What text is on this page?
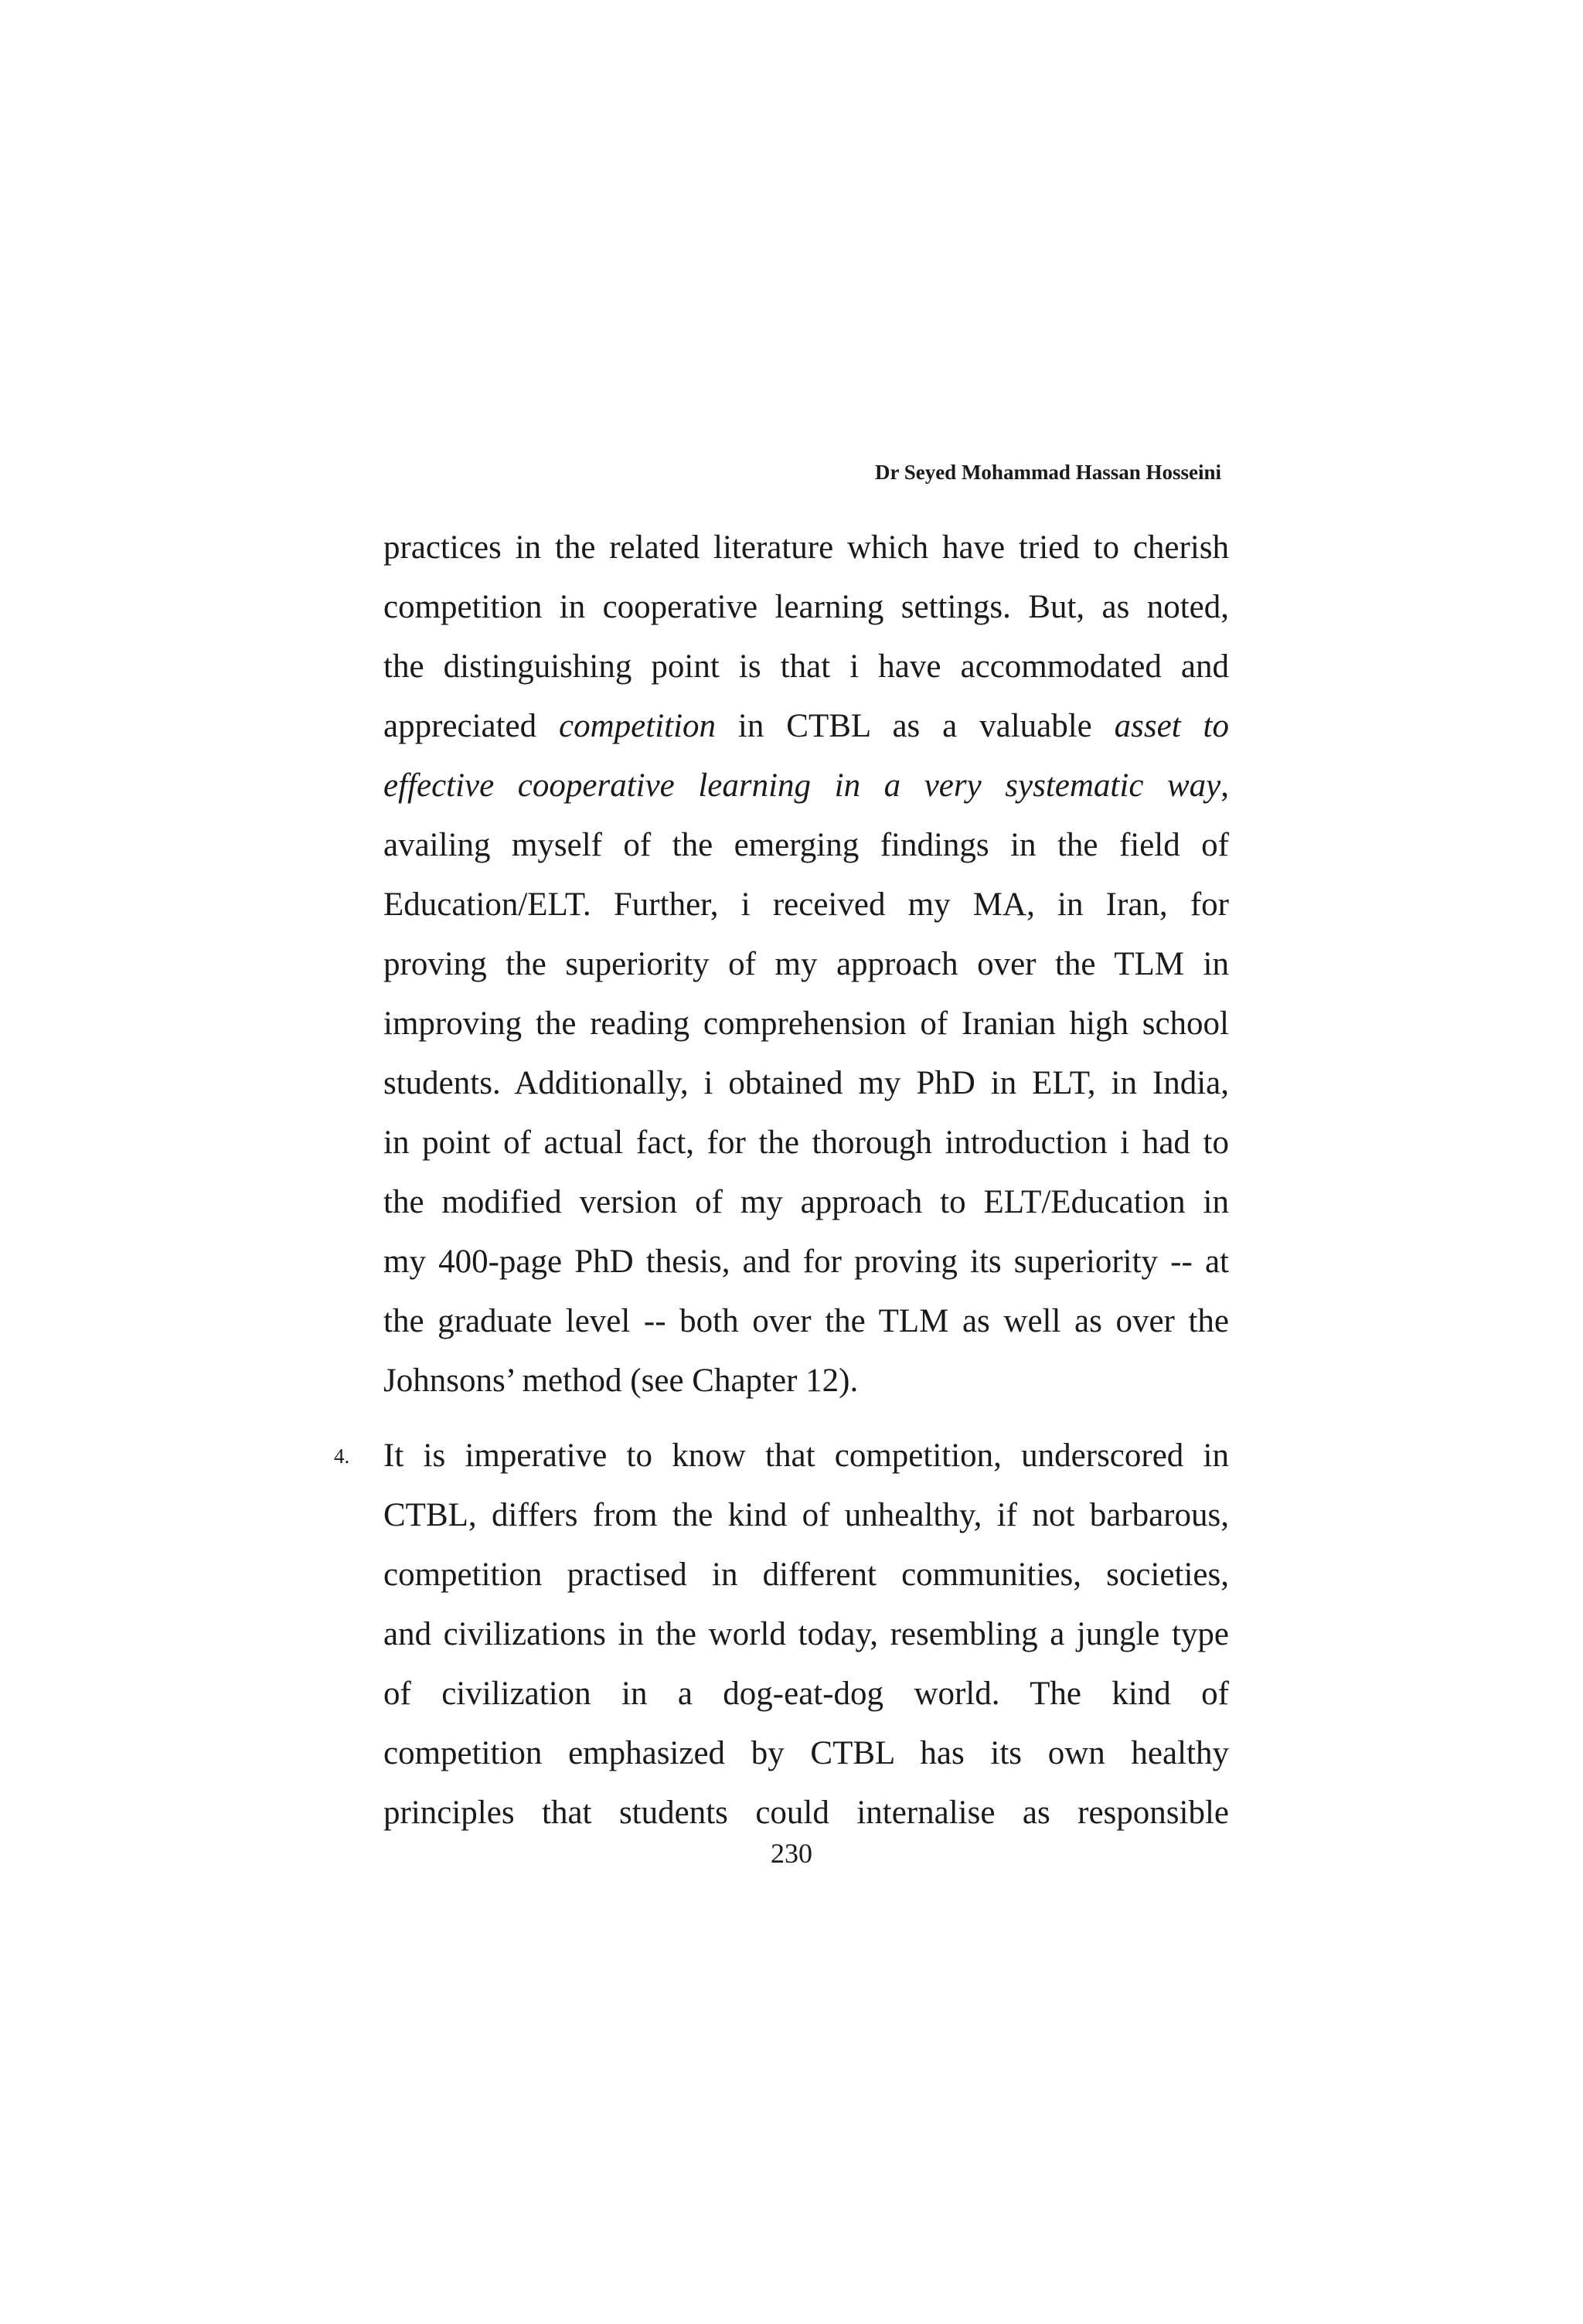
Dr Seyed Mohammad Hassan Hosseini
practices in the related literature which have tried to cherish
competition in cooperative learning settings. But, as noted,
the distinguishing point is that i have accommodated and
appreciated competition in CTBL as a valuable asset to
effective cooperative learning in a very systematic way,
availing myself of the emerging findings in the field of
Education/ELT. Further, i received my MA, in Iran, for
proving the superiority of my approach over the TLM in
improving the reading comprehension of Iranian high school
students. Additionally, i obtained my PhD in ELT, in India,
in point of actual fact, for the thorough introduction i had to
the modified version of my approach to ELT/Education in
my 400-page PhD thesis, and for proving its superiority -- at
the graduate level -- both over the TLM as well as over the
Johnsons’ method (see Chapter 12).
It is imperative to know that competition, underscored in
CTBL, differs from the kind of unhealthy, if not barbarous,
competition practised in different communities, societies,
and civilizations in the world today, resembling a jungle type
of civilization in a dog-eat-dog world. The kind of
competition emphasized by CTBL has its own healthy
principles that students could internalise as responsible
4.
230
